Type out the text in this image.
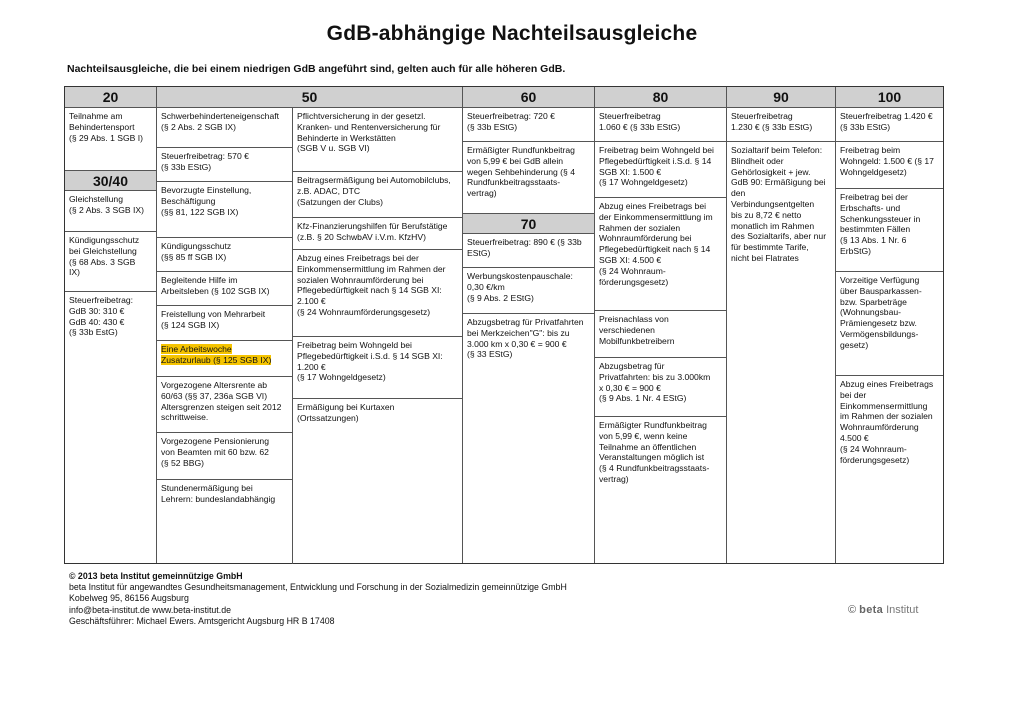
GdB-abhängige Nachteilsausgleiche
Nachteilsausgleiche, die bei einem niedrigen GdB angeführt sind, gelten auch für alle höheren GdB.
20
Teilnahme am
Behindertensport
(§ 29 Abs. 1 SGB I)
30/40
Gleichstellung
(§ 2 Abs. 3 SGB IX)
Kündigungsschutz
bei Gleichstellung
(§ 68 Abs. 3 SGB
IX)
Steuerfreibetrag:
GdB 30: 310 €
GdB 40: 430 €
(§ 33b EstG)
50
Schwerbehinderteneigenschaft
(§ 2 Abs. 2 SGB IX)
Steuerfreibetrag: 570 €
(§ 33b EStG)
Bevorzugte Einstellung,
Beschäftigung
(§§ 81, 122 SGB IX)
Kündigungsschutz
(§§ 85 ff SGB IX)
Begleitende Hilfe im
Arbeitsleben (§ 102 SGB IX)
Freistellung von Mehrarbeit
(§ 124 SGB IX)
Eine Arbeitswoche
Zusatzurlaub (§ 125 SGB IX)
Vorgezogene Altersrente ab
60/63 (§§ 37, 236a SGB VI)
Altersgrenzen steigen seit 2012
schrittweise.
Vorgezogene Pensionierung
von Beamten mit 60 bzw. 62
(§ 52 BBG)
Stundenermäßigung bei
Lehrern: bundeslandabhängig
Pflichtversicherung in der gesetzl.
Kranken- und Rentenversicherung für
Behinderte in Werkstätten
(SGB V u. SGB VI)
Beitragsermäßigung bei Automobilclubs,
z.B. ADAC, DTC
(Satzungen der Clubs)
Kfz-Finanzierungshilfen für Berufstätige
(z.B. § 20 SchwbAV i.V.m. KfzHV)
Abzug eines Freibetrags bei der
Einkommensermittlung im Rahmen der
sozialen Wohnraumförderung bei
Pflegebedürftigkeit nach § 14 SGB XI:
2.100 €
(§ 24 Wohnraumförderungsgesetz)
Freibetrag beim Wohngeld bei
Pflegebedürftigkeit i.S.d. § 14 SGB XI:
1.200 €
(§ 17 Wohngeldgesetz)
Ermäßigung bei Kurtaxen
(Ortssatzungen)
60
Steuerfreibetrag: 720 €
(§ 33b EStG)
Ermäßigter Rundfunkbeitrag
von 5,99 € bei GdB allein
wegen Sehbehinderung (§ 4
Rundfunkbeitragsstaats-
vertrag)
70
Steuerfreibetrag: 890 € (§ 33b
EStG)
Werbungskostenpauschale:
0,30 €/km
(§ 9 Abs. 2 EStG)
Abzugsbetrag für Privatfahrten
bei Merkzeichen"G": bis zu
3.000 km x 0,30 € = 900 €
(§ 33 EStG)
80
Steuerfreibetrag
1.060 € (§ 33b EStG)
Freibetrag beim Wohngeld bei
Pflegebedürftigkeit i.S.d. § 14
SGB XI: 1.500 €
(§ 17 Wohngeldgesetz)
Abzug eines Freibetrags bei
der Einkommensermittlung im
Rahmen der sozialen
Wohnraumförderung bei
Pflegebedürftigkeit nach § 14
SGB XI: 4.500 €
(§ 24 Wohnraum-
förderungsgesetz)
Preisnachlass von
verschiedenen
Mobilfunkbetreibern
Abzugsbetrag für
Privatfahrten: bis zu 3.000km
x 0,30 € = 900 €
(§ 9 Abs. 1 Nr. 4 EStG)
Ermäßigter Rundfunkbeitrag
von 5,99 €, wenn keine
Teilnahme an öffentlichen
Veranstaltungen möglich ist
(§ 4 Rundfunkbeitragsstaats-
vertrag)
90
Steuerfreibetrag
1.230 € (§ 33b EStG)
Sozialtarif beim Telefon:
Blindheit oder
Gehörlosigkeit + jew.
GdB 90: Ermäßigung bei
den
Verbindungsentgelten
bis zu 8,72 € netto
monatlich im Rahmen
des Sozialtarifs, aber nur
für bestimmte Tarife,
nicht bei Flatrates
100
Steuerfreibetrag 1.420 €
(§ 33b EStG)
Freibetrag beim
Wohngeld: 1.500 € (§ 17
Wohngeldgesetz)
Freibetrag bei der
Erbschafts- und
Schenkungssteuer in
bestimmten Fällen
(§ 13 Abs. 1 Nr. 6
ErbStG)
Vorzeitige Verfügung
über Bausparkassen-
bzw. Sparbeträge
(Wohnungsbau-
Prämiengesetz bzw.
Vermögensbildungs-
gesetz)
Abzug eines Freibetrags
bei der
Einkommensermittlung
im Rahmen der sozialen
Wohnraumförderung
4.500 €
(§ 24 Wohnraum-
förderungsgesetz)
© 2013 beta Institut gemeinnützige GmbH
beta Institut für angewandtes Gesundheitsmanagement, Entwicklung und Forschung in der Sozialmedizin gemeinnützige GmbH
Kobelweg 95, 86156 Augsburg
info@beta-institut.de www.beta-institut.de
Geschäftsführer: Michael Ewers. Amtsgericht Augsburg HR B 17408
© beta Institut
